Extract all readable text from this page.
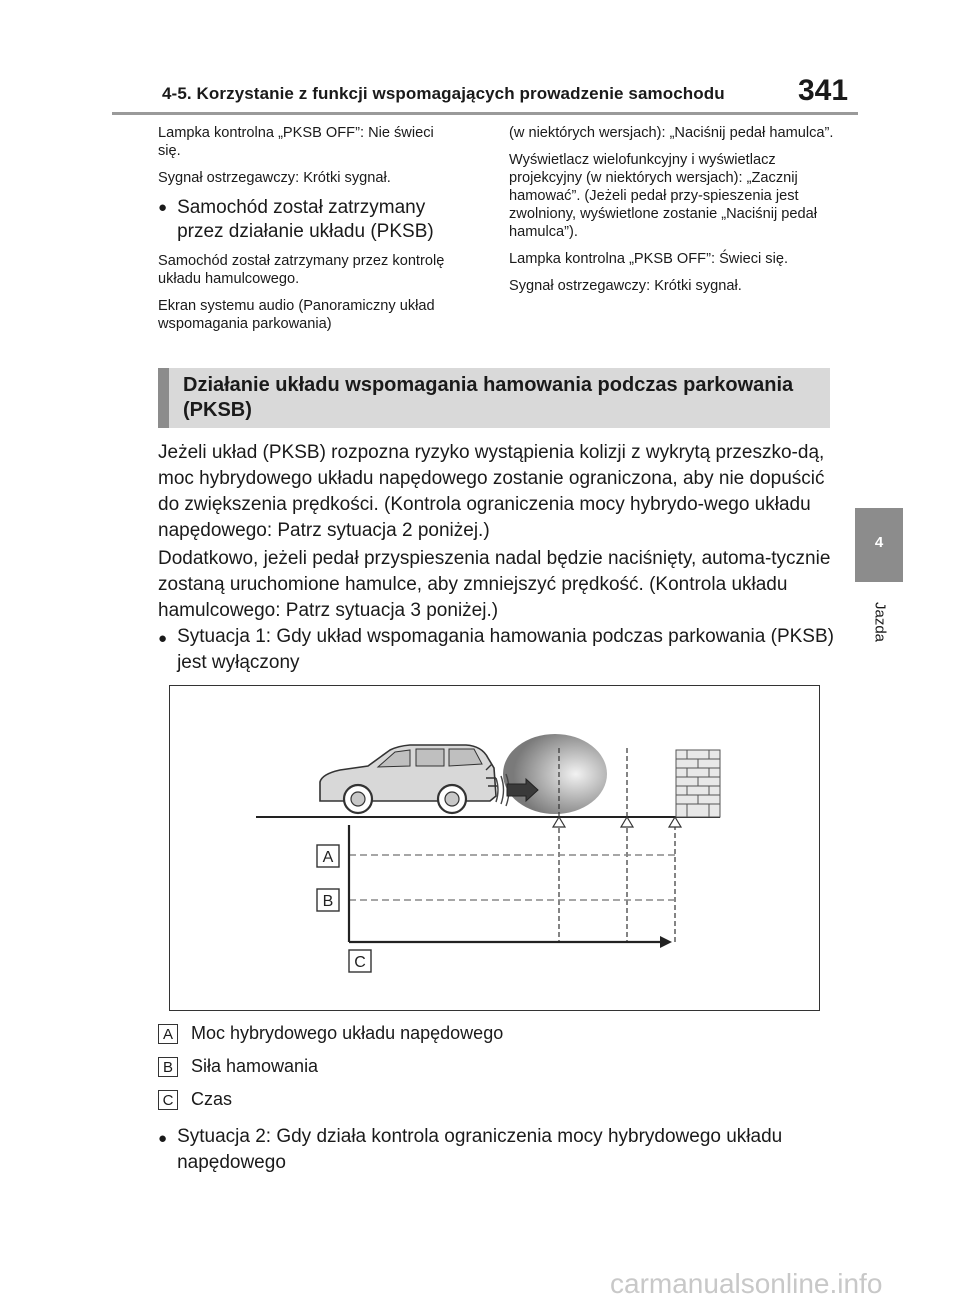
4-5. Korzystanie z funkcji wspomagających prowadzenie samochodu 341
4
Jazda

Lampka kontrolna „PKSB OFF”: Nie świeci się.

Sygnał ostrzegawczy: Krótki sygnał.

● Samochód został zatrzymany przez działanie układu (PKSB)

Samochód został zatrzymany przez kontrolę układu hamulcowego.

Ekran systemu audio (Panoramiczny układ wspomagania parkowania)

(w niektórych wersjach): „Naciśnij pedał hamulca”.

Wyświetlacz wielofunkcyjny i wyświetlacz projekcyjny (w niektórych wersjach): „Zacznij hamować”. (Jeżeli pedał przy-spieszenia jest zwolniony, wyświetlone zostanie „Naciśnij pedał hamulca”).

Lampka kontrolna „PKSB OFF”: Świeci się.

Sygnał ostrzegawczy: Krótki sygnał.

Działanie układu wspomagania hamowania podczas parkowania (PKSB)
Jeżeli układ (PKSB) rozpozna ryzyko wystąpienia kolizji z wykrytą przeszko-dą, moc hybrydowego układu napędowego zostanie ograniczona, aby nie dopuścić do zwiększenia prędkości. (Kontrola ograniczenia mocy hybrydo-wego układu napędowego: Patrz sytuacja 2 poniżej.)
Dodatkowo, jeżeli pedał przyspieszenia nadal będzie naciśnięty, automa-tycznie zostaną uruchomione hamulce, aby zmniejszyć prędkość. (Kontrola układu hamulcowego: Patrz sytuacja 3 poniżej.)
● Sytuacja 1: Gdy układ wspomagania hamowania podczas parkowania (PKSB) jest wyłączony
A
B
C
A Moc hybrydowego układu napędowego
B Siła hamowania
C Czas
● Sytuacja 2: Gdy działa kontrola ograniczenia mocy hybrydowego układu napędowego
carmanualsonline.info
